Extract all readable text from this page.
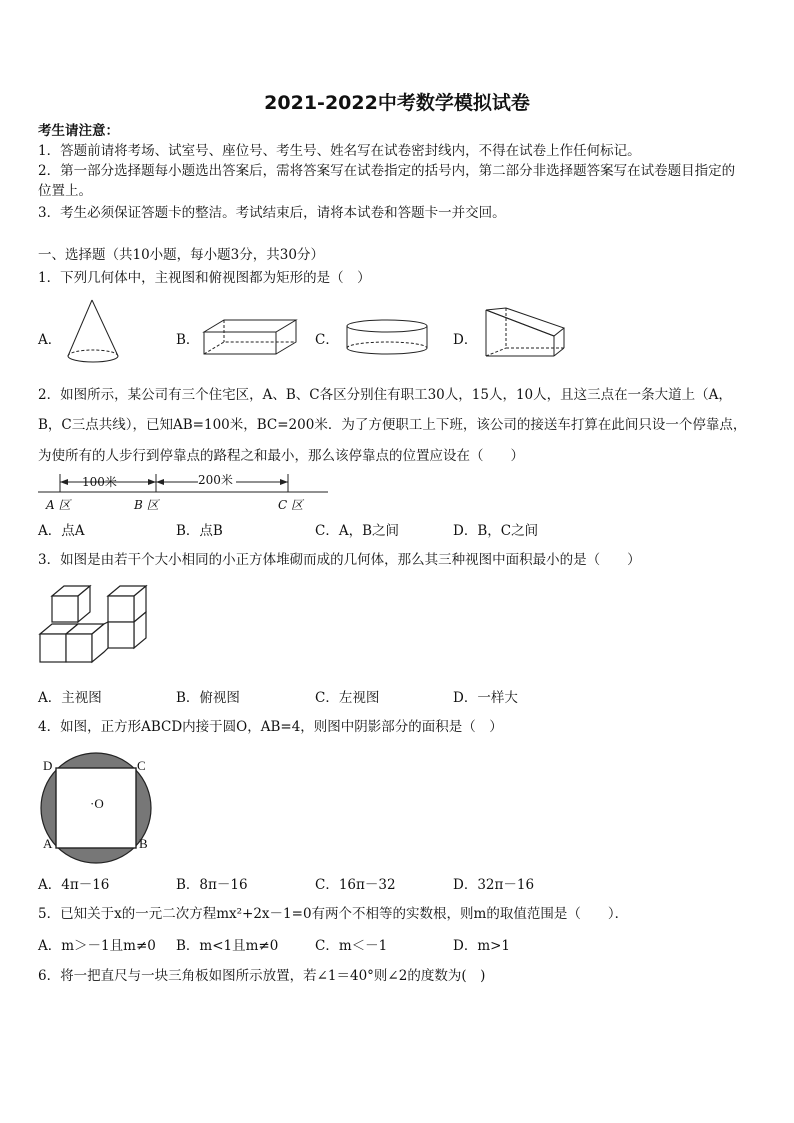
2021-2022中考数学模拟试卷
考生请注意：
1．答题前请将考场、试室号、座位号、考生号、姓名写在试卷密封线内，不得在试卷上作任何标记。
2．第一部分选择题每小题选出答案后，需将答案写在试卷指定的括号内，第二部分非选择题答案写在试卷题目指定的
位置上。
3．考生必须保证答题卡的整洁。考试结束后，请将本试卷和答题卡一并交回。
一、选择题（共10小题，每小题3分，共30分）
1．下列几何体中，主视图和俯视图都为矩形的是（　）
A．	B．	C．	D．
2．如图所示，某公司有三个住宅区，A、B、C各区分别住有职工30人，15人，10人，且这三点在一条大道上（A，
B，C三点共线），已知AB=100米，BC=200米．为了方便职工上下班，该公司的接送车打算在此间只设一个停靠点，
为使所有的人步行到停靠点的路程之和最小，那么该停靠点的位置应设在（　　）
100米	200米
A 区	B 区	C 区
A．点A	B．点B	C．A，B之间	D．B，C之间
3．如图是由若干个大小相同的小正方体堆砌而成的几何体，那么其三种视图中面积最小的是（　　）
A．主视图	B．俯视图	C．左视图	D．一样大
4．如图，正方形ABCD内接于圆O，AB=4，则图中阴影部分的面积是（　）
D	C
A	B
·O
A．4π－16	B．8π－16	C．16π－32	D．32π－16
5．已知关于x的一元二次方程mx²+2x－1=0有两个不相等的实数根，则m的取值范围是（　　）．
A．m＞－1且m≠0 B．m<1且m≠0	C．m＜－1	D．m>1
6．将一把直尺与一块三角板如图所示放置，若∠1＝40°则∠2的度数为(　)
